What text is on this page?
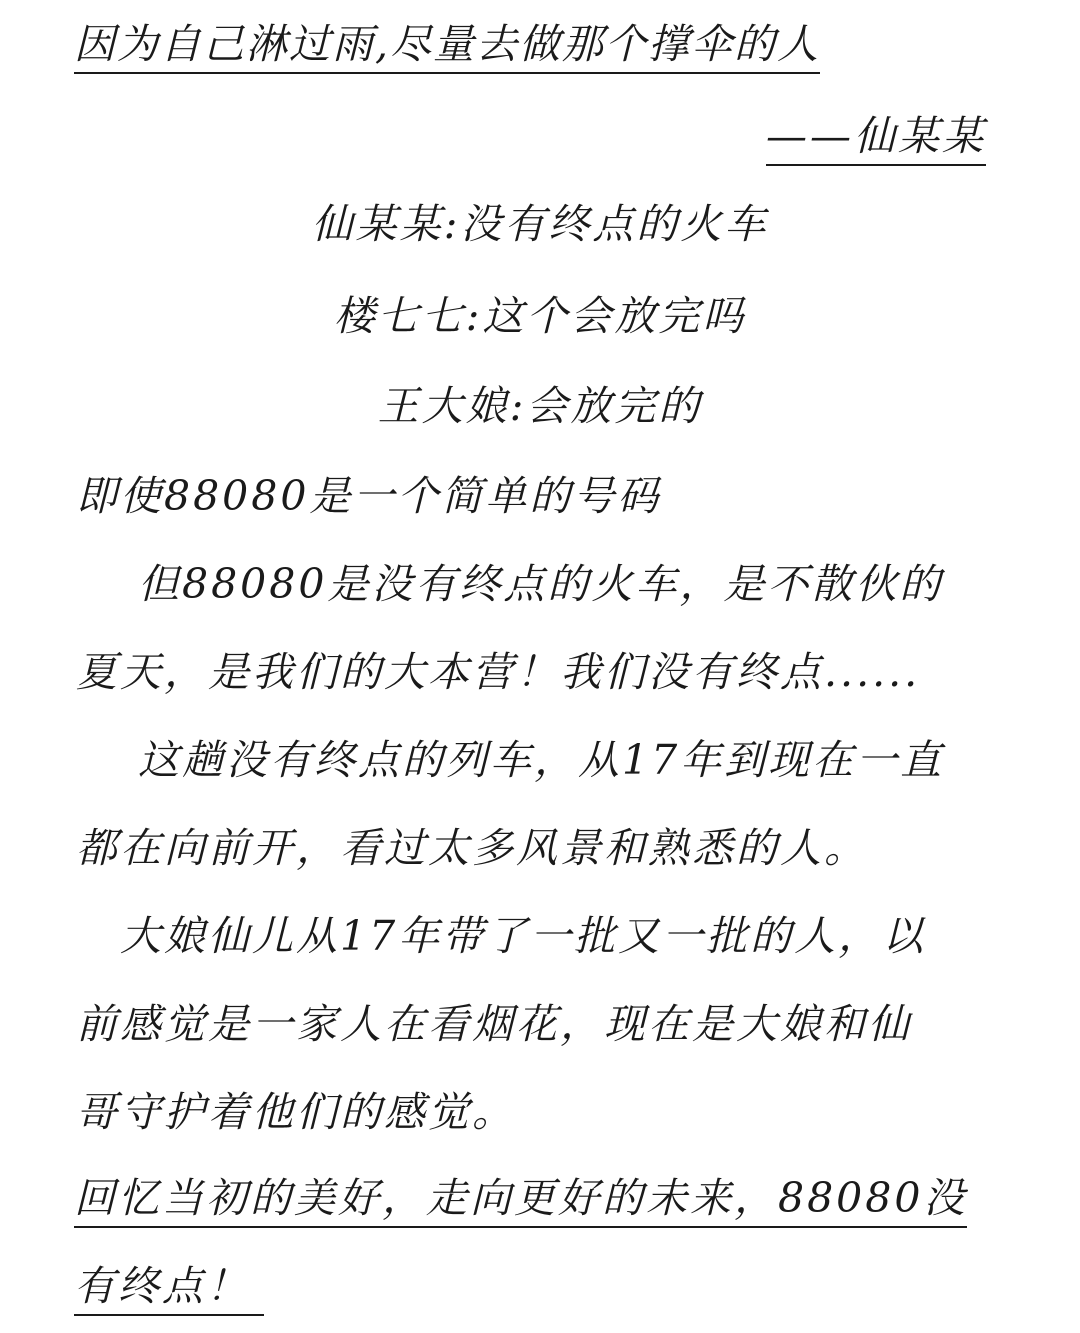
因为自己淋过雨,尽量去做那个撑伞的人
——仙某某
仙某某:没有终点的火车
楼七七:这个会放完吗
王大娘:会放完的
即使88080是一个简单的号码
但88080是没有终点的火车，是不散伙的
夏天，是我们的大本营！我们没有终点......
这趟没有终点的列车，从17年到现在一直
都在向前开，看过太多风景和熟悉的人。
大娘仙儿从17年带了一批又一批的人，以
前感觉是一家人在看烟花，现在是大娘和仙
哥守护着他们的感觉。
回忆当初的美好，走向更好的未来，88080没
有终点！
